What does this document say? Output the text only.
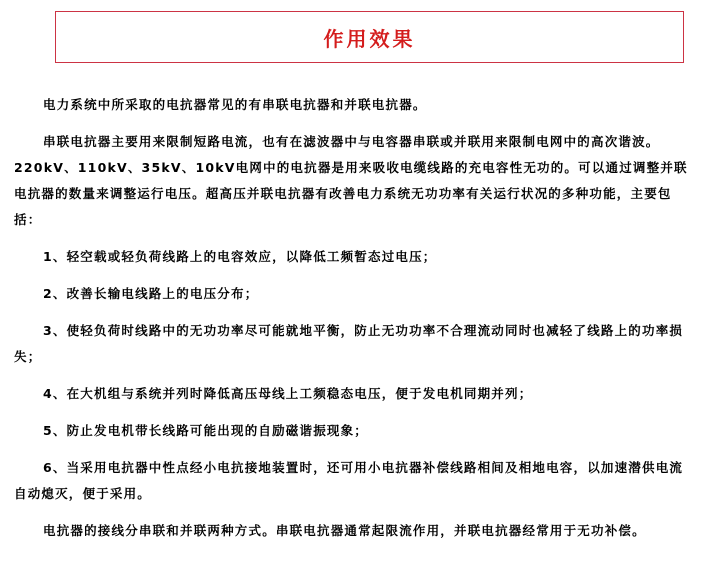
作用效果

电力系统中所采取的电抗器常见的有串联电抗器和并联电抗器。

串联电抗器主要用来限制短路电流，也有在滤波器中与电容器串联或并联用来限制电网中的高次谐波。 220kV、110kV、35kV、10kV电网中的电抗器是用来吸收电缆线路的充电容性无功的。可以通过调整并联电抗器的数量来调整运行电压。超高压并联电抗器有改善电力系统无功功率有关运行状况的多种功能，主要包括：

1、轻空载或轻负荷线路上的电容效应，以降低工频暂态过电压；

2、改善长输电线路上的电压分布；

3、使轻负荷时线路中的无功功率尽可能就地平衡，防止无功功率不合理流动同时也减轻了线路上的功率损失；

4、在大机组与系统并列时降低高压母线上工频稳态电压，便于发电机同期并列；

5、防止发电机带长线路可能出现的自励磁谐振现象；

6、当采用电抗器中性点经小电抗接地装置时，还可用小电抗器补偿线路相间及相地电容，以加速潜供电流自动熄灭，便于采用。

电抗器的接线分串联和并联两种方式。串联电抗器通常起限流作用，并联电抗器经常用于无功补偿。
